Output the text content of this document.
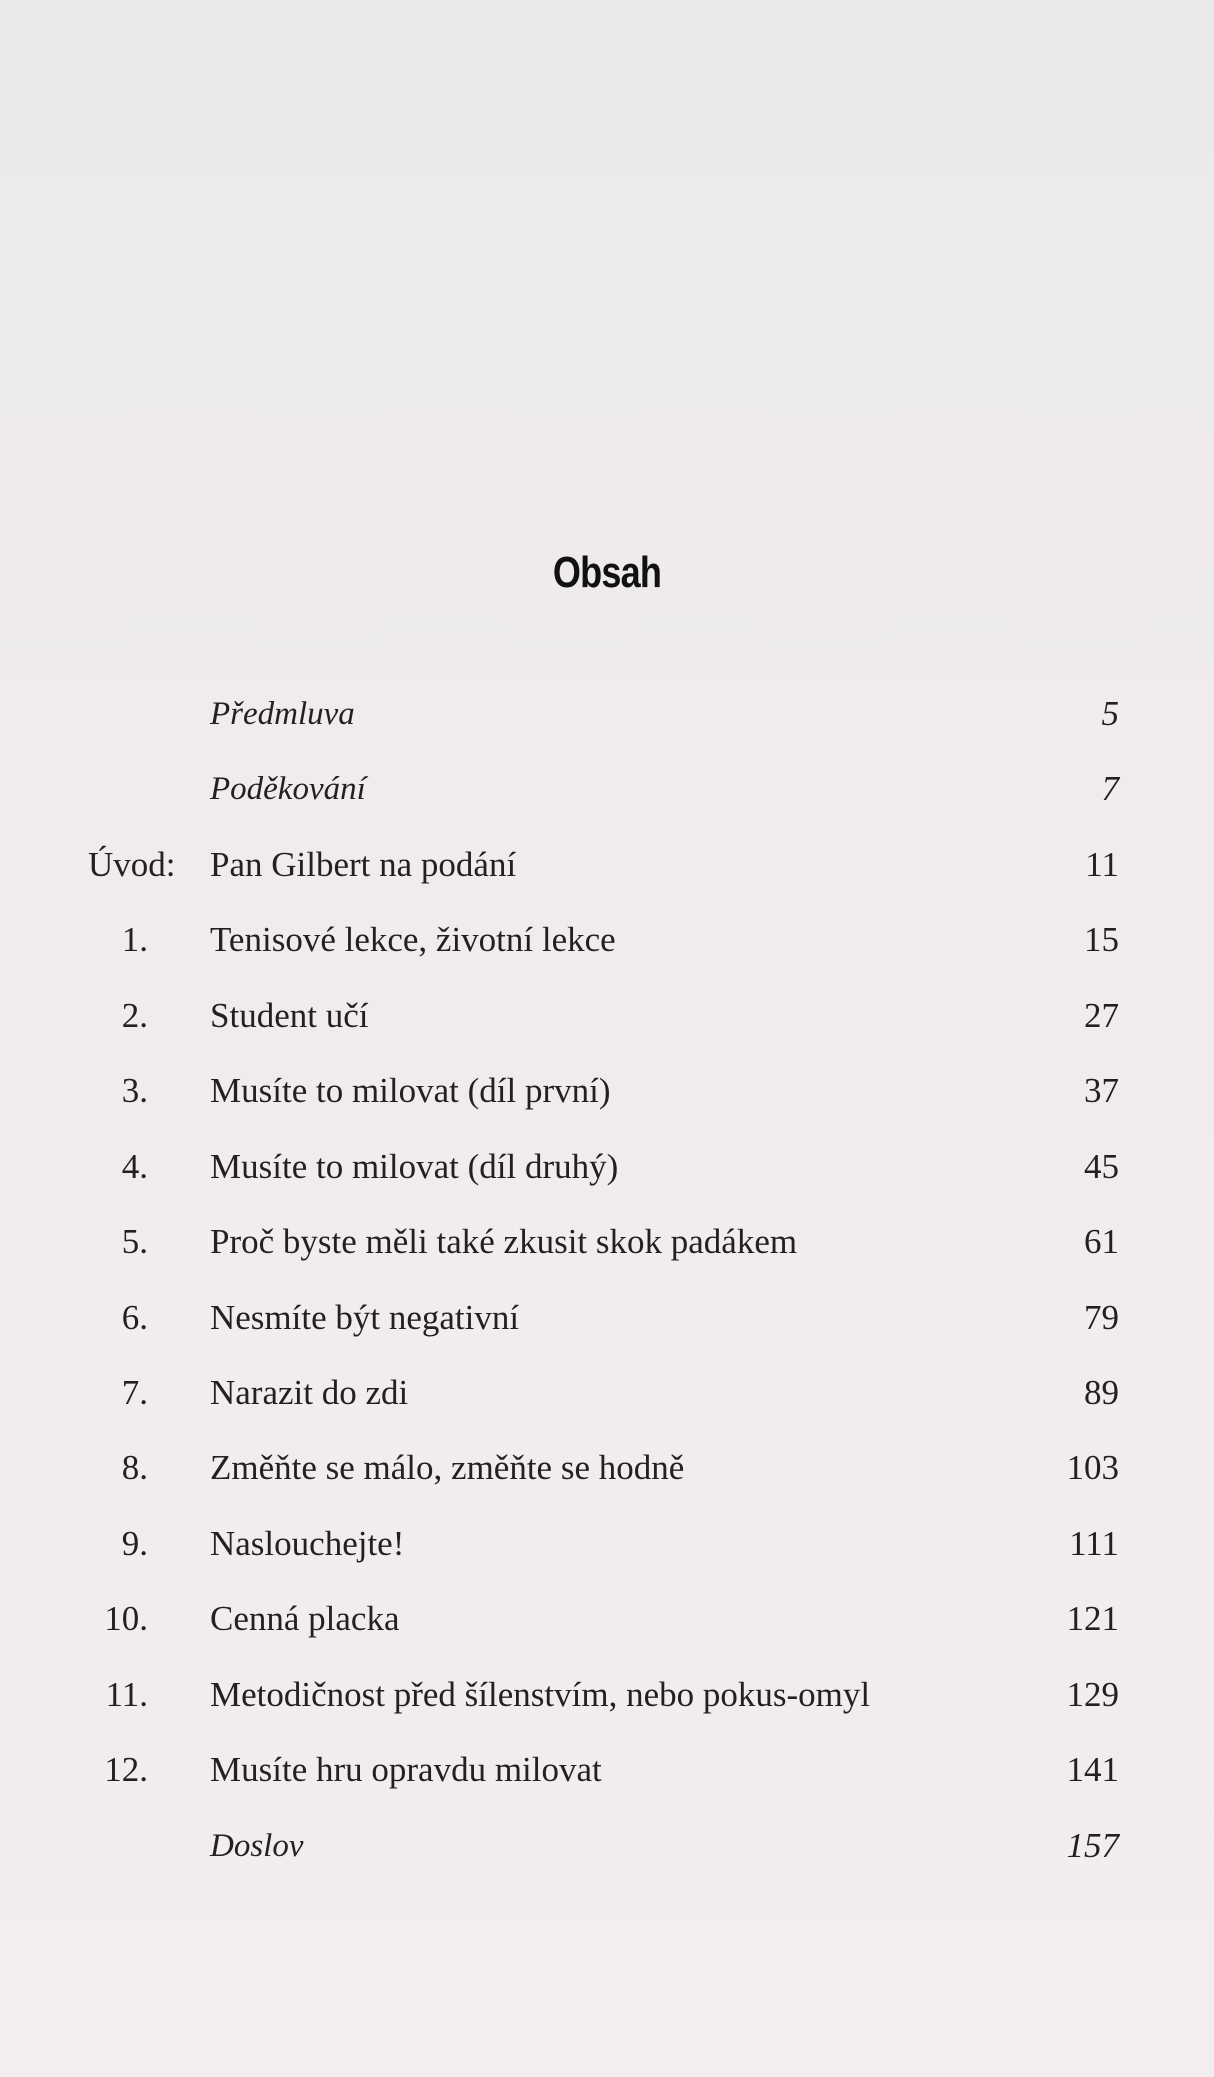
Obsah
Předmluva	5
Poděkování	7
Úvod: Pan Gilbert na podání	11
1. Tenisové lekce, životní lekce	15
2. Student učí	27
3. Musíte to milovat (díl první)	37
4. Musíte to milovat (díl druhý)	45
5. Proč byste měli také zkusit skok padákem	61
6. Nesmíte být negativní	79
7. Narazit do zdi	89
8. Změňte se málo, změňte se hodně	103
9. Naslouchejte!	111
10. Cenná placka	121
11. Metodičnost před šílenstvím, nebo pokus-omyl	129
12. Musíte hru opravdu milovat	141
Doslov	157
